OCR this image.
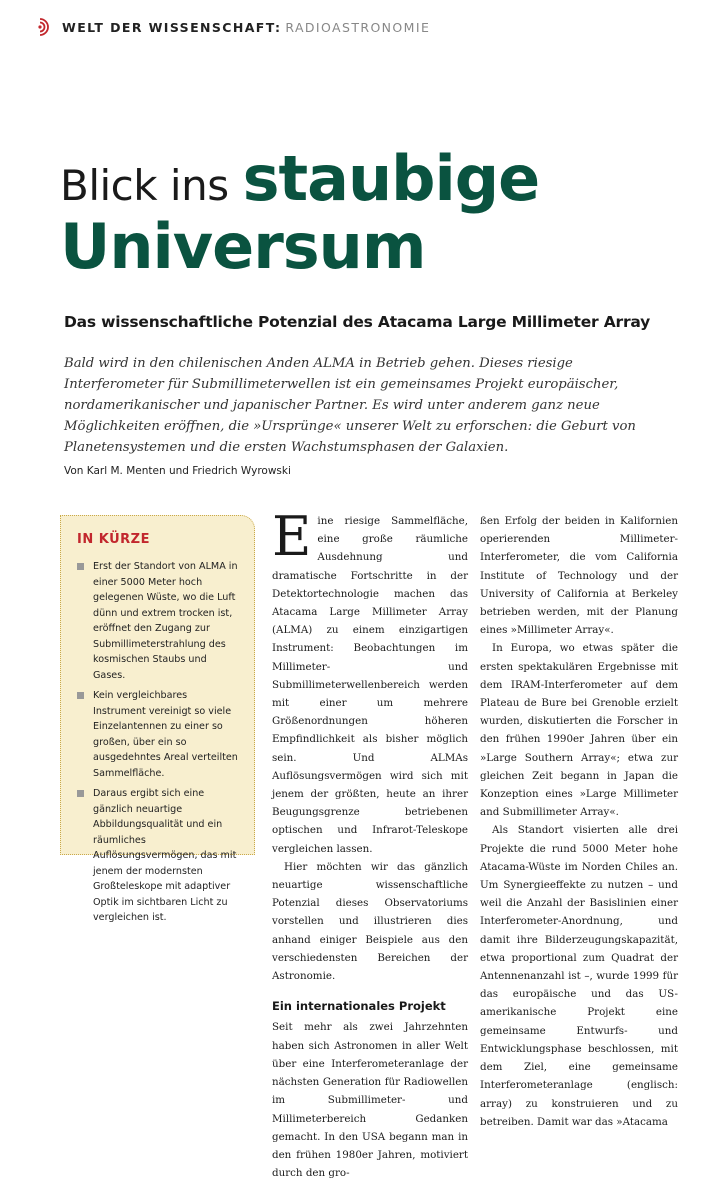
WELT DER WISSENSCHAFT: RADIOASTRONOMIE
Blick ins staubige
Universum
Das wissenschaftliche Potenzial des Atacama Large Millimeter Array

Bald wird in den chilenischen Anden ALMA in Betrieb gehen. Dieses riesige

Interferometer für Submillimeterwellen ist ein gemeinsames Projekt europäischer,

nordamerikanischer und japanischer Partner. Es wird unter anderem ganz neue

Möglichkeiten eröffnen, die »Ursprünge« unserer Welt zu erforschen: die Geburt von

Planetensystemen und die ersten Wachstumsphasen der Galaxien.

Von Karl M. Menten und Friedrich Wyrowski
IN KÜRZE
Erst der Standort von ALMA in einer 5000 Meter hoch gelegenen Wüste, wo die Luft dünn und extrem trocken ist, eröffnet den Zugang zur Submillimeterstrahlung des kosmischen Staubs und Gases.
Kein vergleichbares Instrument vereinigt so viele Einzelantennen zu einer so großen, über ein so ausgedehntes Areal verteilten Sammelfläche.
Daraus ergibt sich eine gänzlich neuartige Abbildungsqualität und ein räumliches Auflösungsvermögen, das mit jenem der modernsten Großteleskope mit adaptiver Optik im sichtbaren Licht zu vergleichen ist.

Eine riesige Sammelfläche, eine große räumliche Ausdehnung und dramatische Fortschritte in der Detektortechnologie machen das Atacama Large Millimeter Array (ALMA) zu einem einzigartigen Instrument: Beobachtungen im Millimeter- und Submillimeterwellenbereich werden mit einer um mehrere Größenordnungen höheren Empfindlichkeit als bisher möglich sein. Und ALMAs Auflösungsvermögen wird sich mit jenem der größten, heute an ihrer Beugungsgrenze betriebenen optischen und Infrarot-Teleskope vergleichen lassen.

Hier möchten wir das gänzlich neuartige wissenschaftliche Potenzial dieses Observatoriums vorstellen und illustrieren dies anhand einiger Beispiele aus den verschiedensten Bereichen der Astronomie.

Ein internationales Projekt

Seit mehr als zwei Jahrzehnten haben sich Astronomen in aller Welt über eine Interferometeranlage der nächsten Generation für Radiowellen im Submillimeter- und Millimeterbereich Gedanken gemacht. In den USA begann man in den frühen 1980er Jahren, motiviert durch den gro-

ßen Erfolg der beiden in Kalifornien operierenden Millimeter-Interferometer, die vom California Institute of Technology und der University of California at Berkeley betrieben werden, mit der Planung eines »Millimeter Array«.

In Europa, wo etwas später die ersten spektakulären Ergebnisse mit dem IRAM-Interferometer auf dem Plateau de Bure bei Grenoble erzielt wurden, diskutierten die Forscher in den frühen 1990er Jahren über ein »Large Southern Array«; etwa zur gleichen Zeit begann in Japan die Konzeption eines »Large Millimeter and Submillimeter Array«.

Als Standort visierten alle drei Projekte die rund 5000 Meter hohe Atacama-Wüste im Norden Chiles an. Um Synergieeffekte zu nutzen – und weil die Anzahl der Basislinien einer Interferometer-Anordnung, und damit ihre Bilderzeugungskapazität, etwa proportional zum Quadrat der Antennenanzahl ist –, wurde 1999 für das europäische und das US-amerikanische Projekt eine gemeinsame Entwurfs- und Entwicklungsphase beschlossen, mit dem Ziel, eine gemeinsame Interferometeranlage (englisch: array) zu konstruieren und zu betreiben. Damit war das »Atacama
